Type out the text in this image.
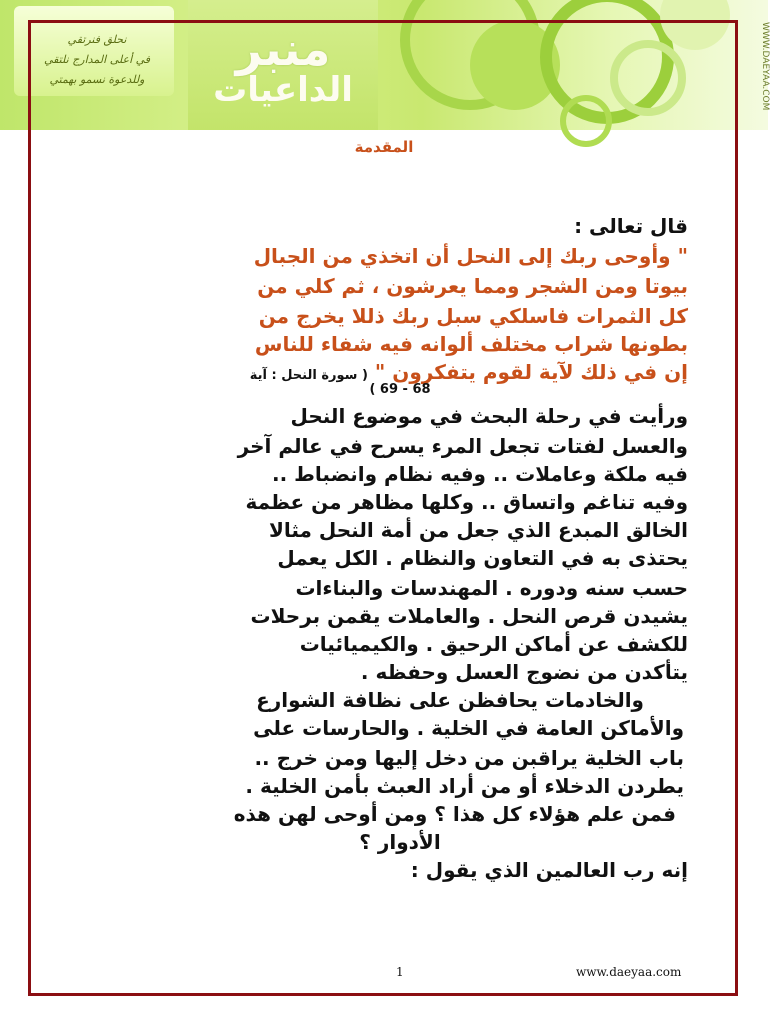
نحلق فنرتقي
في أعلى المدارج نلتقي
وللدعوة نسمو بهمتي
منبر
الداعيات	WWW.DAEYAA.COM
المقدمة
قال تعالى :
" وأوحى ربك إلى النحل أن اتخذي من الجبال
بيوتا ومن الشجر ومما يعرشون ، ثم كلي من
كل الثمرات فاسلكي سبل ربك ذللا يخرج من
بطونها شراب مختلف ألوانه فيه شفاء للناس
إن في ذلك لآية لقوم يتفكرون " ( سورة النحل : آية
68 - 69 )
ورأيت في رحلة البحث في موضوع النحل
والعسل لفتات تجعل المرء يسرح في عالم آخر
فيه ملكة وعاملات .. وفيه نظام وانضباط ..
وفيه تناغم واتساق .. وكلها مظاهر من عظمة
الخالق المبدع الذي جعل من أمة النحل مثالا
يحتذى به في التعاون والنظام . الكل يعمل
حسب سنه ودوره . المهندسات والبناءات
يشيدن قرص النحل . والعاملات يقمن برحلات
للكشف عن أماكن الرحيق . والكيميائيات
يتأكدن من نضوج العسل وحفظه .
والخادمات يحافظن على نظافة الشوارع
والأماكن العامة في الخلية . والحارسات على
باب الخلية يراقبن من دخل إليها ومن خرج ..
يطردن الدخلاء أو من أراد العبث بأمن الخلية .
فمن علم هؤلاء كل هذا ؟ ومن أوحى لهن هذه
الأدوار ؟
إنه رب العالمين الذي يقول :
1	www.daeyaa.com
